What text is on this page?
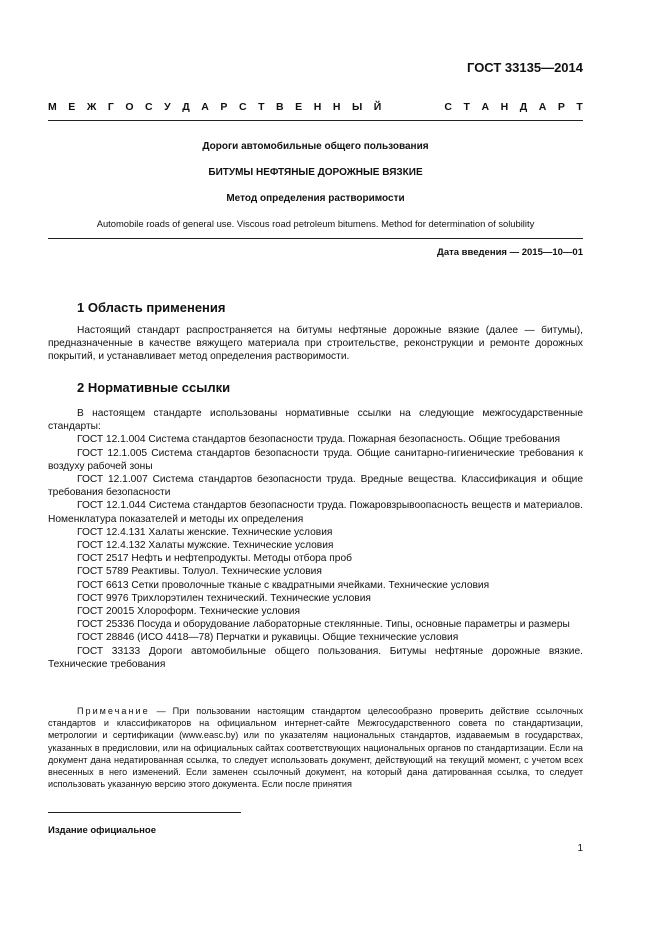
ГОСТ 33135—2014
М Е Ж Г О С У Д А Р С Т В Е Н Н Ы Й	С Т А Н Д А Р Т
Дороги автомобильные общего пользования
БИТУМЫ НЕФТЯНЫЕ ДОРОЖНЫЕ ВЯЗКИЕ
Метод определения растворимости
Automobile roads of general use. Viscous road petroleum bitumens. Method for determination of solubility
Дата введения — 2015—10—01
1 Область применения
Настоящий стандарт распространяется на битумы нефтяные дорожные вязкие (далее — битумы), предназначенные в качестве вяжущего материала при строительстве, реконструкции и ремонте дорожных покрытий, и устанавливает метод определения растворимости.
2 Нормативные ссылки
В настоящем стандарте использованы нормативные ссылки на следующие межгосударственные стандарты:
ГОСТ 12.1.004 Система стандартов безопасности труда. Пожарная безопасность. Общие требования
ГОСТ 12.1.005 Система стандартов безопасности труда. Общие санитарно-гигиенические требования к воздуху рабочей зоны
ГОСТ 12.1.007 Система стандартов безопасности труда. Вредные вещества. Классификация и общие требования безопасности
ГОСТ 12.1.044 Система стандартов безопасности труда. Пожаровзрывоопасность веществ и материалов. Номенклатура показателей и методы их определения
ГОСТ 12.4.131 Халаты женские. Технические условия
ГОСТ 12.4.132 Халаты мужские. Технические условия
ГОСТ 2517 Нефть и нефтепродукты. Методы отбора проб
ГОСТ 5789 Реактивы. Толуол. Технические условия
ГОСТ 6613 Сетки проволочные тканые с квадратными ячейками. Технические условия
ГОСТ 9976 Трихлорэтилен технический. Технические условия
ГОСТ 20015 Хлороформ. Технические условия
ГОСТ 25336 Посуда и оборудование лабораторные стеклянные. Типы, основные параметры и размеры
ГОСТ 28846 (ИСО 4418—78) Перчатки и рукавицы. Общие технические условия
ГОСТ 33133 Дороги автомобильные общего пользования. Битумы нефтяные дорожные вязкие. Технические требования
Примечание — При пользовании настоящим стандартом целесообразно проверить действие ссылочных стандартов и классификаторов на официальном интернет-сайте Межгосударственного совета по стандартизации, метрологии и сертификации (www.easc.by) или по указателям национальных стандартов, издаваемым в государствах, указанных в предисловии, или на официальных сайтах соответствующих национальных органов по стандартизации. Если на документ дана недатированная ссылка, то следует использовать документ, действующий на текущий момент, с учетом всех внесенных в него изменений. Если заменен ссылочный документ, на который дана датированная ссылка, то следует использовать указанную версию этого документа. Если после принятия
Издание официальное
1
